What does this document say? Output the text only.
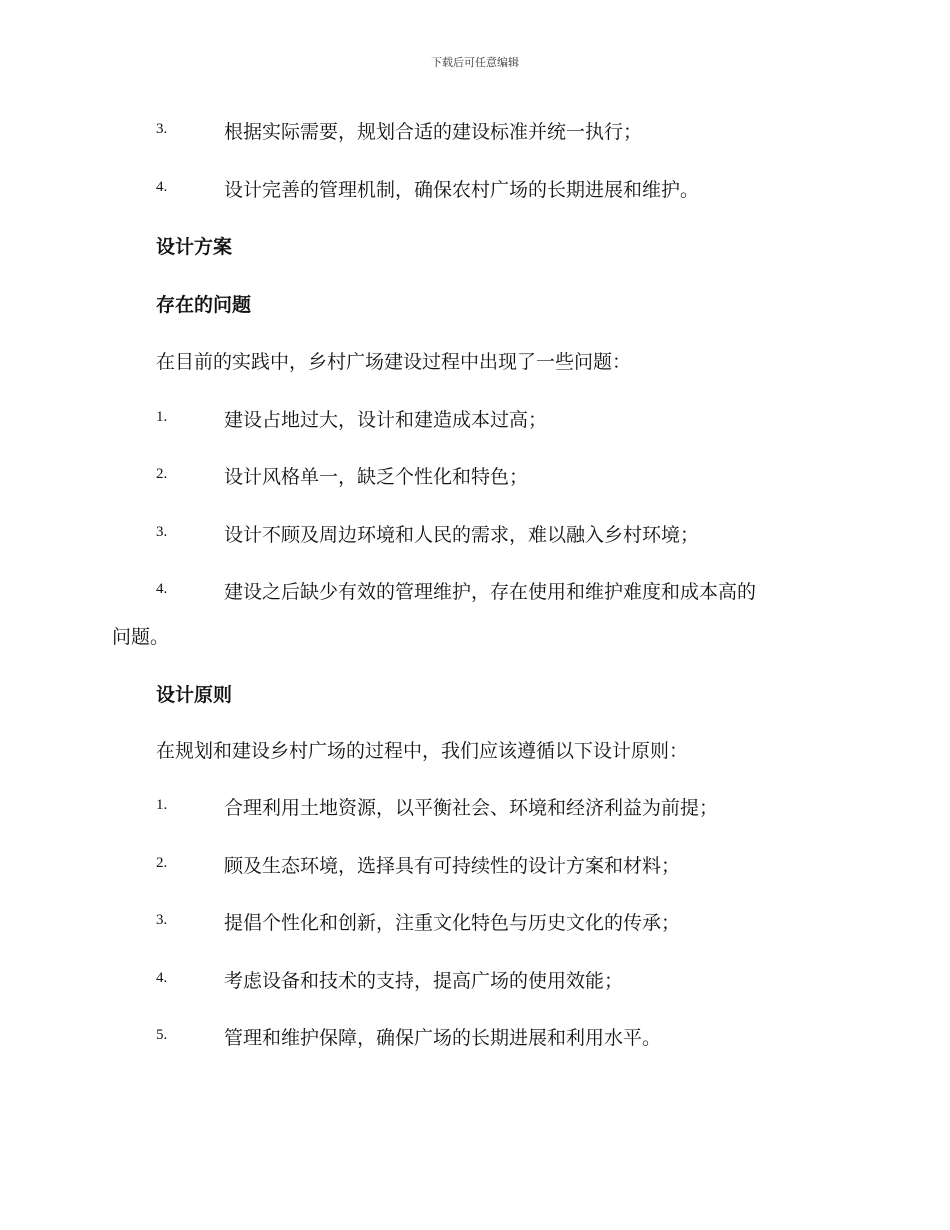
下载后可任意编辑
3.	根据实际需要，规划合适的建设标准并统一执行；
4.	设计完善的管理机制，确保农村广场的长期进展和维护。
设计方案
存在的问题
在目前的实践中，乡村广场建设过程中出现了一些问题：
1.	建设占地过大，设计和建造成本过高；
2.	设计风格单一，缺乏个性化和特色；
3.	设计不顾及周边环境和人民的需求，难以融入乡村环境；
4.	建设之后缺少有效的管理维护，存在使用和维护难度和成本高的
问题。
设计原则
在规划和建设乡村广场的过程中，我们应该遵循以下设计原则：
1.	合理利用土地资源，以平衡社会、环境和经济利益为前提；
2.	顾及生态环境，选择具有可持续性的设计方案和材料；
3.	提倡个性化和创新，注重文化特色与历史文化的传承；
4.	考虑设备和技术的支持，提高广场的使用效能；
5.	管理和维护保障，确保广场的长期进展和利用水平。
